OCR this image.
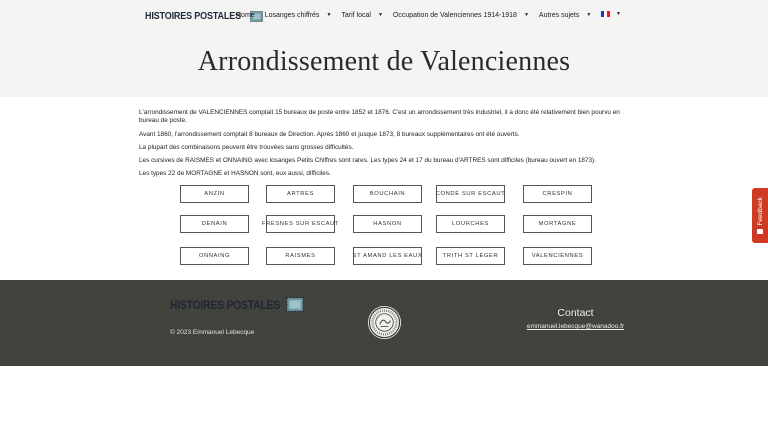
HISTOIRES POSTALES
Home Losanges chiffrés ▼ Tarif local ▼ Occupation de Valenciennes 1914-1918 ▼ Autres sujets ▼	▼
Arrondissement de Valenciennes

L'arrondissement de VALENCIENNES comptait 15 bureaux de poste entre 1852 et 1876. C'est un arrondissement très industriel, il a donc été relativement bien pourvu en bureau de poste.

Avant 1860, l'arrondissement comptait 8 bureaux de Direction. Après 1860 et jusque 1873, 8 bureaux supplémentaires ont été ouverts.

La plupart des combinaisons peuvent être trouvées sans grosses difficultés.

Les cursives de RAISMES et ONNAING avec losanges Petits Chiffres sont rares. Les types 24 et 17 du bureau d'ARTRES sont difficiles (bureau ouvert en 1873).

Les types 22 de MORTAGNE et HASNON sont, eux aussi, difficiles.

ANZIN	ARTRES	BOUCHAIN	CONDÉ SUR ESCAUT	CRESPIN
DENAIN	FRESNES SUR ESCAUT	HASNON	LOURCHES	MORTAGNE
ONNAING	RAISMES	ST AMAND LES EAUX	TRITH ST LÉGER	VALENCIENNES
HISTOIRES POSTALES
© 2023 Emmanuel Lebecque
Contact
emmanuel.lebecque@wanadoo.fr
Feedback
